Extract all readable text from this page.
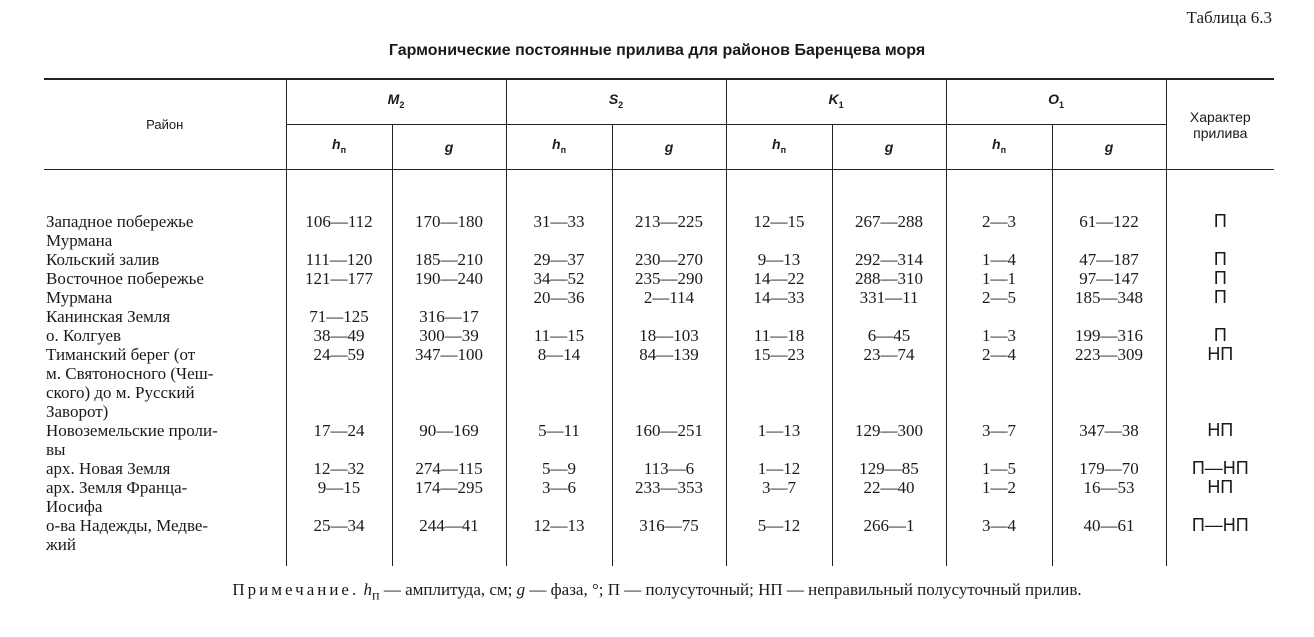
Таблица 6.3
Гармонические постоянные прилива для районов Баренцева моря
Район	$M_2$		$S_2$		$K_1$		$O_1$		Характер прилива
	$h_п$	g	$h_п$	g	$h_п$	g	$h_п$	g	

Западное побережье
Мурмана	106—112	170—180	31—33	213—225	12—15	267—288	2—3	61—122	П

Кольский залив	111—120	185—210	29—37	230—270	9—13	292—314	1—4	47—187	П

Восточное побережье	121—177	190—240	34—52	235—290	14—22	288—310	1—1	97—147	П

Мурмана			20—36	2—114	14—33	331—11	2—5	185—348	П

Канинская Земля	71—125	316—17							

о. Колгуев	38—49	300—39	11—15	18—103	11—18	6—45	1—3	199—316	П

Тиманский берег (от
м. Святоносного (Чеш-
ского) до м. Русский
Заворот)	24—59	347—100	8—14	84—139	15—23	23—74	2—4	223—309	НП

Новоземельские проли-
вы	17—24	90—169	5—11	160—251	1—13	129—300	3—7	347—38	НП

арх. Новая Земля	12—32	274—115	5—9	113—6	1—12	129—85	1—5	179—70	П—НП

арх. Земля Франца-
Иосифа	9—15	174—295	3—6	233—353	3—7	22—40	1—2	16—53	НП

о-ва Надежды, Медве-
жий	25—34	244—41	12—13	316—75	5—12	266—1	3—4	40—61	П—НП

Примечание. $h_п$ — амплитуда, см; g — фаза, °; П — полусуточный; НП — неправильный полусуточный прилив.
